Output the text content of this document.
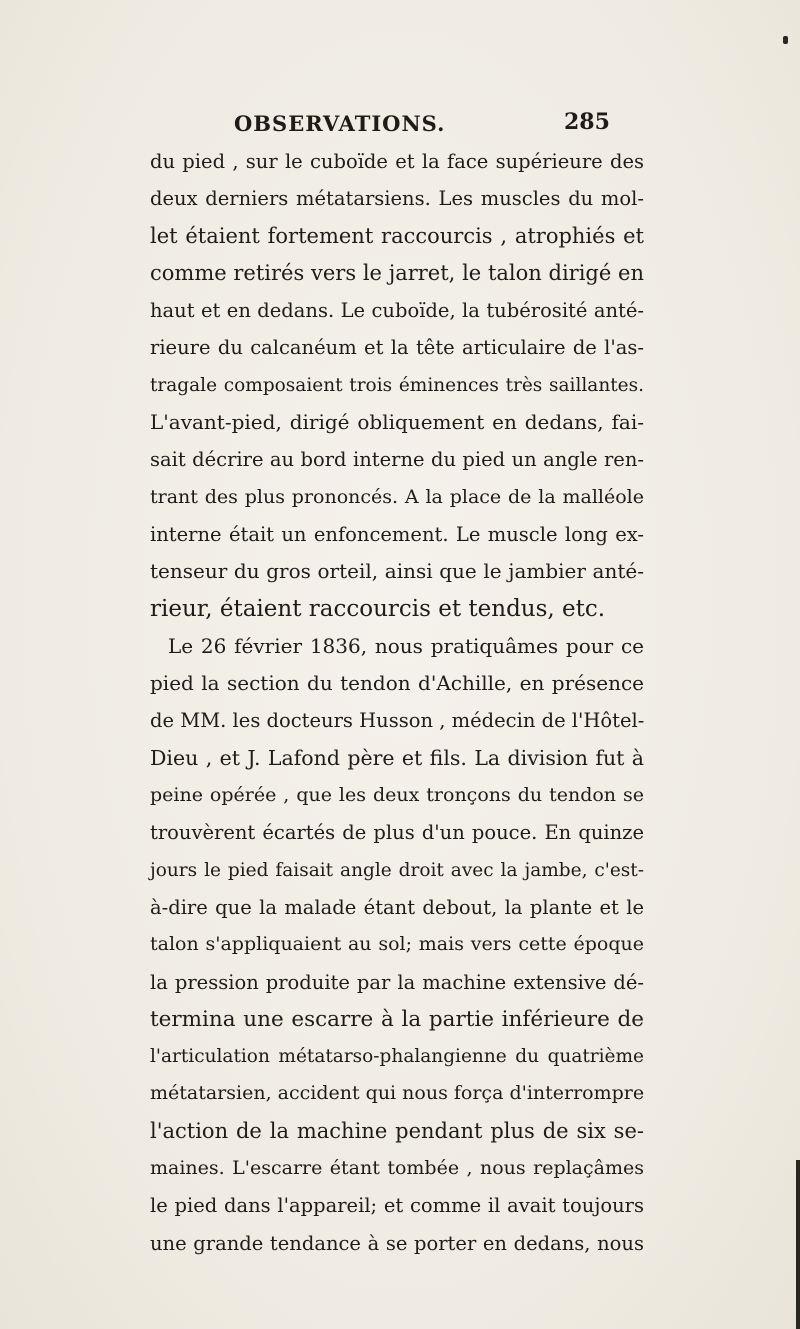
OBSERVATIONS.	285
du pied , sur le cuboïde et la face supérieure des
deux derniers métatarsiens. Les muscles du mol-
let étaient fortement raccourcis , atrophiés et
comme retirés vers le jarret, le talon dirigé en
haut et en dedans. Le cuboïde, la tubérosité anté-
rieure du calcanéum et la tête articulaire de l'as-
tragale composaient trois éminences très saillantes.
L'avant-pied, dirigé obliquement en dedans, fai-
sait décrire au bord interne du pied un angle ren-
trant des plus prononcés. A la place de la malléole
interne était un enfoncement. Le muscle long ex-
tenseur du gros orteil, ainsi que le jambier anté-
rieur, étaient raccourcis et tendus, etc.
Le 26 février 1836, nous pratiquâmes pour ce
pied la section du tendon d'Achille, en présence
de MM. les docteurs Husson , médecin de l'Hôtel-
Dieu , et J. Lafond père et fils. La division fut à
peine opérée , que les deux tronçons du tendon se
trouvèrent écartés de plus d'un pouce. En quinze
jours le pied faisait angle droit avec la jambe, c'est-
à-dire que la malade étant debout, la plante et le
talon s'appliquaient au sol; mais vers cette époque
la pression produite par la machine extensive dé-
termina une escarre à la partie inférieure de
l'articulation métatarso-phalangienne du quatrième
métatarsien, accident qui nous força d'interrompre
l'action de la machine pendant plus de six se-
maines. L'escarre étant tombée , nous replaçâmes
le pied dans l'appareil; et comme il avait toujours
une grande tendance à se porter en dedans, nous
